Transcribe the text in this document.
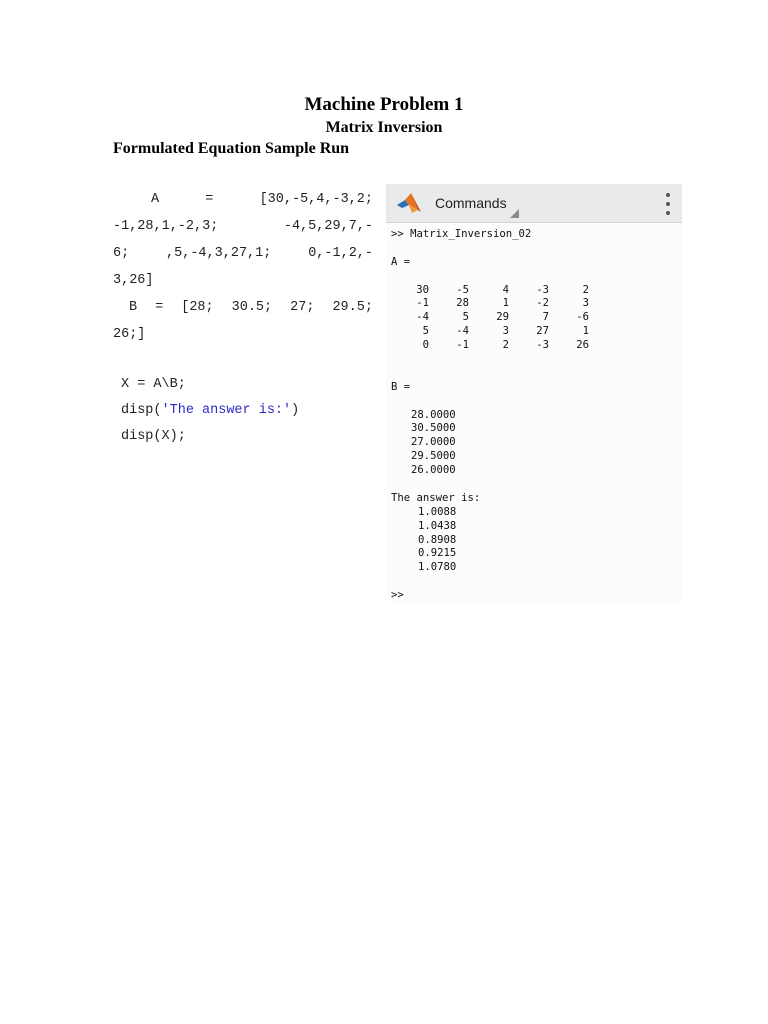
Machine Problem 1
Matrix Inversion
Formulated Equation Sample Run
A	=	[30,-5,4,-3,2;
-1,28,1,-2,3;	-4,5,29,7,-
6;	,5,-4,3,27,1;	0,-1,2,-
3,26]
B = [28; 30.5; 27; 29.5;
26;]
X = A\B;
disp('The answer is:')
disp(X);
Commands
>> Matrix_Inversion_02
A =
30	-5	4	-3	2
-1	28	1	-2	3
-4	5	29	7	-6
5	-4	3	27	1
0	-1	2	-3	26
B =
28.0000
30.5000
27.0000
29.5000
26.0000
The answer is:
1.0088
1.0438
0.8908
0.9215
1.0780
>>
